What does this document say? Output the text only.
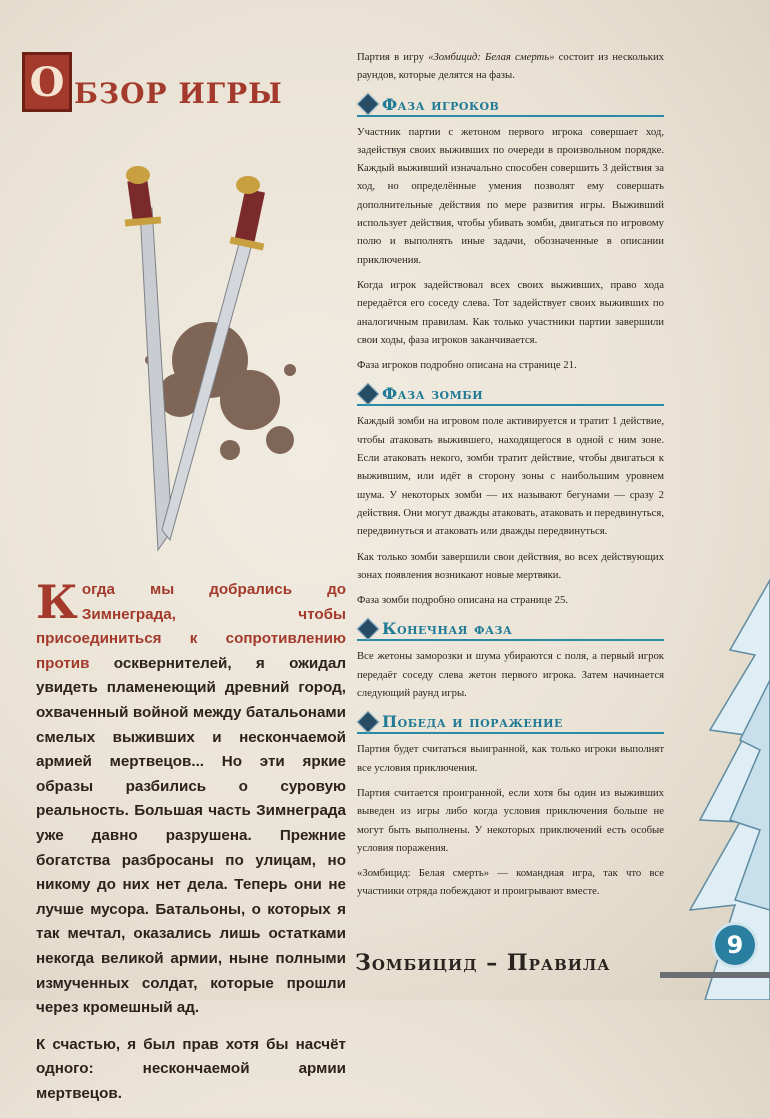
О БЗОР ИГРЫ

Когда мы добрались до Зимнеграда, чтобы присоединиться к сопротивлению против осквернителей, я ожидал увидеть пламенеющий древний город, охваченный войной между батальонами смелых выживших и нескончаемой армией мертвецов... Но эти яркие образы разбились о суровую реальность. Большая часть Зимнеграда уже давно разрушена. Прежние богатства разбросаны по улицам, но никому до них нет дела. Теперь они не лучше мусора. Батальоны, о которых я так мечтал, оказались лишь остатками некогда великой армии, ныне полными измученных солдат, которые прошли через кромешный ад.

К счастью, я был прав хотя бы насчёт одного: нескончаемой армии мертвецов.

Партия в игру «Зомбицид: Белая смерть» состоит из нескольких раундов, которые делятся на фазы.

Фаза игроков

Участник партии с жетоном первого игрока совершает ход, задействуя своих выживших по очереди в произвольном порядке. Каждый выживший изначально способен совершить 3 действия за ход, но определённые умения позволят ему совершать дополнительные действия по мере развития игры. Выживший использует действия, чтобы убивать зомби, двигаться по игровому полю и выполнять иные задачи, обозначенные в описании приключения.

Когда игрок задействовал всех своих выживших, право хода передаётся его соседу слева. Тот задействует своих выживших по аналогичным правилам. Как только участники партии завершили свои ходы, фаза игроков заканчивается.

Фаза игроков подробно описана на странице 21.

Фаза зомби

Каждый зомби на игровом поле активируется и тратит 1 действие, чтобы атаковать выжившего, находящегося в одной с ним зоне. Если атаковать некого, зомби тратит действие, чтобы двигаться к выжившим, или идёт в сторону зоны с наибольшим уровнем шума. У некоторых зомби — их называют бегунами — сразу 2 действия. Они могут дважды атаковать, атаковать и передвинуться, передвинуться и атаковать или дважды передвинуться.

Как только зомби завершили свои действия, во всех действующих зонах появления возникают новые мертвяки.

Фаза зомби подробно описана на странице 25.

Конечная фаза

Все жетоны заморозки и шума убираются с поля, а первый игрок передаёт соседу слева жетон первого игрока. Затем начинается следующий раунд игры.

Победа и поражение

Партия будет считаться выигранной, как только игроки выполнят все условия приключения.

Партия считается проигранной, если хотя бы один из выживших выведен из игры либо когда условия приключения больше не могут быть выполнены. У некоторых приключений есть особые условия поражения.

«Зомбицид: Белая смерть» — командная игра, так что все участники отряда побеждают и проигрывают вместе.

Зомбицид – Правила
9
